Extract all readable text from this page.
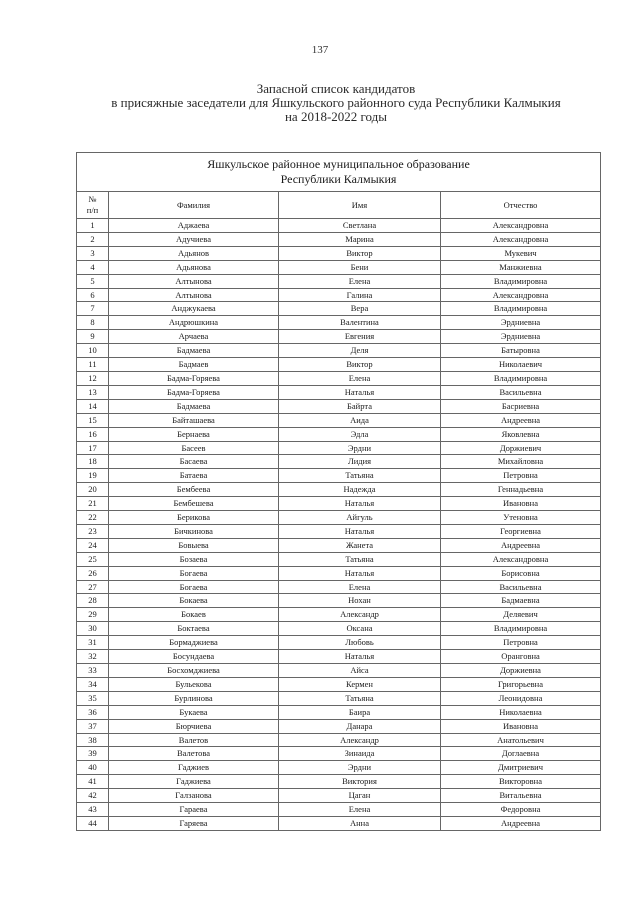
137
Запасной список кандидатов
в присяжные заседатели для Яшкульского районного суда Республики Калмыкия
на 2018-2022 годы
Яшкульское районное муниципальное образование
Республики Калмыкия			
№
п/п	Фамилия	Имя	Отчество
1	Аджаева	Светлана	Александровна
2	Адучиева	Марина	Александровна
3	Адьянов	Виктор	Мукевич
4	Адьянова	Бени	Манжиевна
5	Алтынова	Елена	Владимировна
6	Алтынова	Галина	Александровна
7	Анджукаева	Вера	Владимировна
8	Андрюшкина	Валентина	Эрдниевна
9	Арчаева	Евгения	Эрдниевна
10	Бадмаева	Деля	Батыровна
11	Бадмаев	Виктор	Николаевич
12	Бадма-Горяева	Елена	Владимировна
13	Бадма-Горяева	Наталья	Васильевна
14	Бадмаева	Байрта	Басриевна
15	Байташаева	Аида	Андреевна
16	Бернаева	Эдла	Яковлевна
17	Басеев	Эрдни	Доржиевич
18	Басаева	Лидия	Михайловна
19	Батаева	Татьяна	Петровна
20	Бембеева	Надежда	Геннадьевна
21	Бембешева	Наталья	Ивановна
22	Берикова	Айгуль	Утеновна
23	Бичкинова	Наталья	Георгиевна
24	Бовыева	Жанета	Андреевна
25	Бозаева	Татьяна	Александровна
26	Богаева	Наталья	Борисовна
27	Богаева	Елена	Васильевна
28	Бокаева	Нохан	Бадмаевна
29	Бокаев	Александр	Деляевич
30	Боктаева	Оксана	Владимировна
31	Бормаджиева	Любовь	Петровна
32	Босундаева	Наталья	Оранговна
33	Босхомджиева	Айса	Доржиевна
34	Бульекова	Кермен	Григорьевна
35	Бурлинова	Татьяна	Леонидовна
36	Букаева	Баира	Николаевна
37	Бюрчиева	Данара	Ивановна
38	Валетов	Александр	Анатольевич
39	Валетова	Зинаида	Доглаевна
40	Гаджиев	Эрдни	Дмитриевич
41	Гаджиева	Виктория	Викторовна
42	Галзанова	Цаган	Витальевна
43	Гараева	Елена	Федоровна
44	Гаряева	Анна	Андреевна
